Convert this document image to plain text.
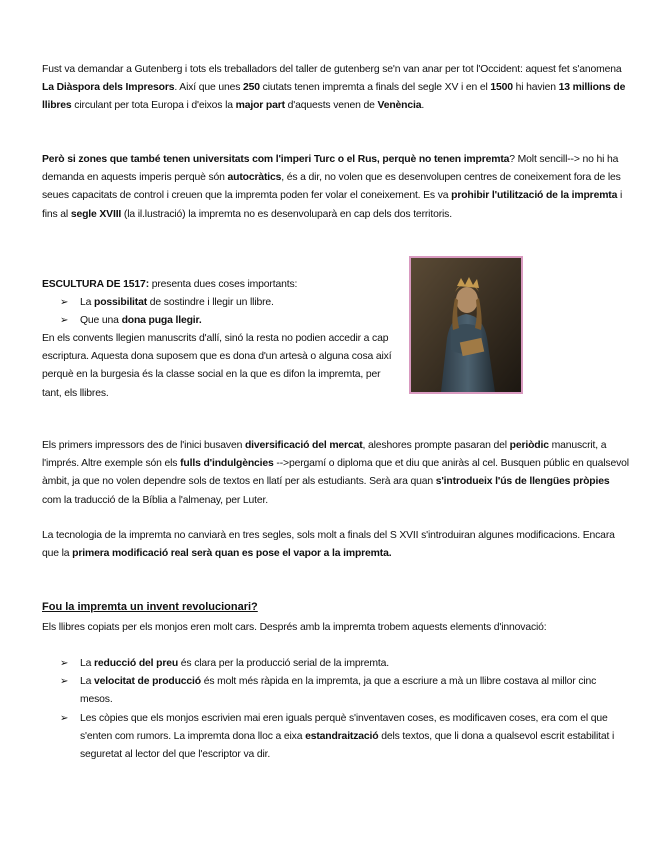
Fust va demandar a Gutenberg i tots els treballadors del taller de gutenberg se'n van anar per tot l'Occident: aquest fet s'anomena La Diàspora dels Impresors. Així que unes 250 ciutats tenen impremta a finals del segle XV i en el 1500 hi havien 13 millions de llibres circulant per tota Europa i d'eixos la major part d'aquests venen de Venència.

Però si zones que també tenen universitats com l'imperi Turc o el Rus, perquè no tenen impremta? Molt sencill--> no hi ha demanda en aquests imperis perquè són autocràtics, és a dir, no volen que es desenvolupen centres de coneixement fora de les seues capacitats de control i creuen que la impremta poden fer volar el coneixement. Es va prohibir l'utilització de la impremta i fins al segle XVIII (la il.lustració) la impremta no es desenvoluparà en cap dels dos territoris.

ESCULTURA DE 1517: presenta dues coses importants:

➢ La possibilitat de sostindre i llegir un llibre.
➢ Que una dona puga llegir.

En els convents llegien manuscrits d'allí, sinó la resta no podien accedir a cap escriptura. Aquesta dona suposem que es dona d'un artesà o alguna cosa així perquè en la burgesia és la classe social en la que es difon la impremta, per tant, els llibres.

Els primers impressors des de l'inici busaven diversificació del mercat, aleshores prompte pasaran del periòdic manuscrit, a l'imprés. Altre exemple són els fulls d'indulgències -->pergamí o diploma que et diu que aniràs al cel. Busquen públic en qualsevol àmbit, ja que no volen dependre sols de textos en llatí per als estudiants. Serà ara quan s'introdueix l'ús de llengües pròpies com la traducció de la Bíblia a l'almenay, per Luter.

La tecnologia de la impremta no canviarà en tres segles, sols molt a finals del S XVII s'introduiran algunes modificacions. Encara que la primera modificació real serà quan es pose el vapor a la impremta.

Fou la impremta un invent revolucionari?

Els llibres copiats per els monjos eren molt cars. Després amb la impremta trobem aquests elements d'innovació:

➢ La reducció del preu és clara per la producció serial de la impremta.
➢ La velocitat de producció és molt més ràpida en la impremta, ja que a escriure a mà un llibre costava al millor cinc mesos.
➢ Les còpies que els monjos escrivien mai eren iguals perquè s'inventaven coses, es modificaven coses, era com el que s'enten com rumors. La impremta dona lloc a eixa estandraització dels textos, que li dona a qualsevol escrit estabilitat i seguretat al lector del que l'escriptor va dir.
